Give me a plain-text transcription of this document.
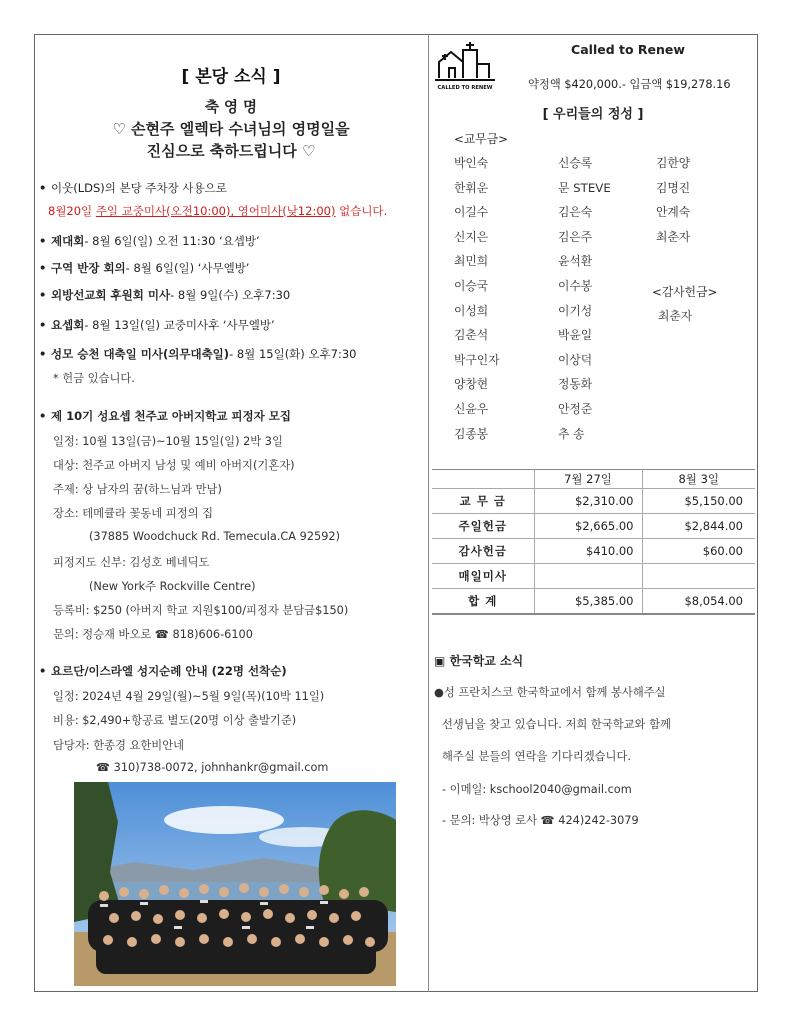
[ 본당 소식 ]
축 영 명
♡ 손현주 엘렉타 수녀님의 영명일을
진심으로 축하드립니다 ♡
• 이웃(LDS)의 본당 주차장 사용으로
8월20일 주일 교중미사(오전10:00), 영어미사(낮12:00) 없습니다.
• 제대회- 8월 6일(일) 오전 11:30 ‘요셉방’
• 구역 반장 회의- 8월 6일(일) ‘사무엘방’
• 외방선교회 후원회 미사- 8월 9일(수) 오후7:30
• 요셉회- 8월 13일(일) 교중미사후 ‘사무엘방’
• 성모 승천 대축일 미사(의무대축일)- 8월 15일(화) 오후7:30
* 헌금 있습니다.
• 제 10기 성요셉 천주교 아버지학교 피정자 모집
일정: 10월 13일(금)~10월 15일(일) 2박 3일
대상: 천주교 아버지 남성 및 예비 아버지(기혼자)
주제: 상 남자의 꿈(하느님과 만남)
장소: 테메큘라 꽃동네 피정의 집
(37885 Woodchuck Rd. Temecula.CA 92592)
피정지도 신부: 김성호 베네딕도
(New York주 Rockville Centre)
등록비: $250 (아버지 학교 지원$100/피정자 분담금$150)
문의: 정승재 바오로 ☎ 818)606-6100
• 요르단/이스라엘 성지순례 안내 (22명 선착순)
일정: 2024년 4월 29일(월)~5월 9일(목)(10박 11일)
비용: $2,490+항공료 별도(20명 이상 출발기준)
담당자: 한종경 요한비안네
☎ 310)738-0072, johnhankr@gmail.com
CALLED TO RENEW
Called to Renew
약정액 $420,000.- 입금액 $19,278.16
[ 우리들의 정성 ]
<교무금>
박인숙
한휘운
이길수
신지은
최민희
이승국
이성희
김춘석
박구인자
양창현
신윤우
김종봉
신승록
문 STEVE
김은숙
김은주
윤석환
이수봉
이기성
박윤일
이상덕
정동화
안정준
추 송
김한양
김명진
안계숙
최춘자
<감사헌금>
최춘자
	7월 27일	8월 3일
교 무 금	$2,310.00	$5,150.00
주일헌금	$2,665.00	$2,844.00
감사헌금	$410.00	$60.00
매일미사		
합 계	$5,385.00	$8,054.00
▣ 한국학교 소식
●성 프란치스코 한국학교에서 함께 봉사해주실
선생님을 찾고 있습니다. 저희 한국학교와 함께
해주실 분들의 연락을 기다리겠습니다.
- 이메일: kschool2040@gmail.com
- 문의: 박상영 로사 ☎ 424)242-3079
